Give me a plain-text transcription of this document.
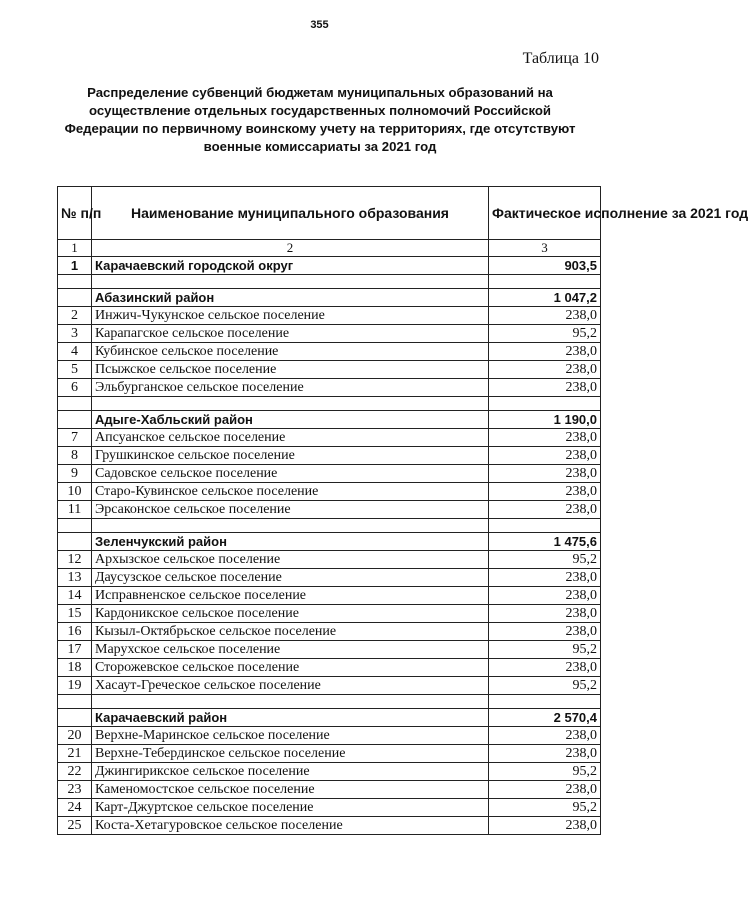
355
Таблица 10
Распределение субвенций бюджетам муниципальных образований на
осуществление отдельных государственных полномочий Российской
Федерации по первичному воинскому учету на территориях, где отсутствуют
военные комиссариаты за 2021 год
№ п/п	Наименование муниципального образования	Фактическое исполнение за 2021 год
1	2	3
1	Карачаевский городской округ	903,5

	Абазинский район	1 047,2
2	Инжич-Чукунское сельское поселение	238,0
3	Карапагское сельское поселение	95,2
4	Кубинское сельское поселение	238,0
5	Псыжское сельское поселение	238,0
6	Эльбурганское сельское поселение	238,0

	Адыге-Хабльский район	1 190,0
7	Апсуанское сельское поселение	238,0
8	Грушкинское сельское поселение	238,0
9	Садовское сельское поселение	238,0
10	Старо-Кувинское сельское поселение	238,0
11	Эрсаконское сельское поселение	238,0

	Зеленчукский район	1 475,6
12	Архызское сельское поселение	95,2
13	Даусузское сельское поселение	238,0
14	Исправненское сельское поселение	238,0
15	Кардоникское сельское поселение	238,0
16	Кызыл-Октябрьское сельское поселение	238,0
17	Марухское сельское поселение	95,2
18	Сторожевское сельское поселение	238,0
19	Хасаут-Греческое сельское поселение	95,2

	Карачаевский район	2 570,4
20	Верхне-Маринское сельское поселение	238,0
21	Верхне-Тебердинское сельское поселение	238,0
22	Джингирикское сельское поселение	95,2
23	Каменомостское сельское поселение	238,0
24	Карт-Джуртское сельское поселение	95,2
25	Коста-Хетагуровское сельское поселение	238,0
